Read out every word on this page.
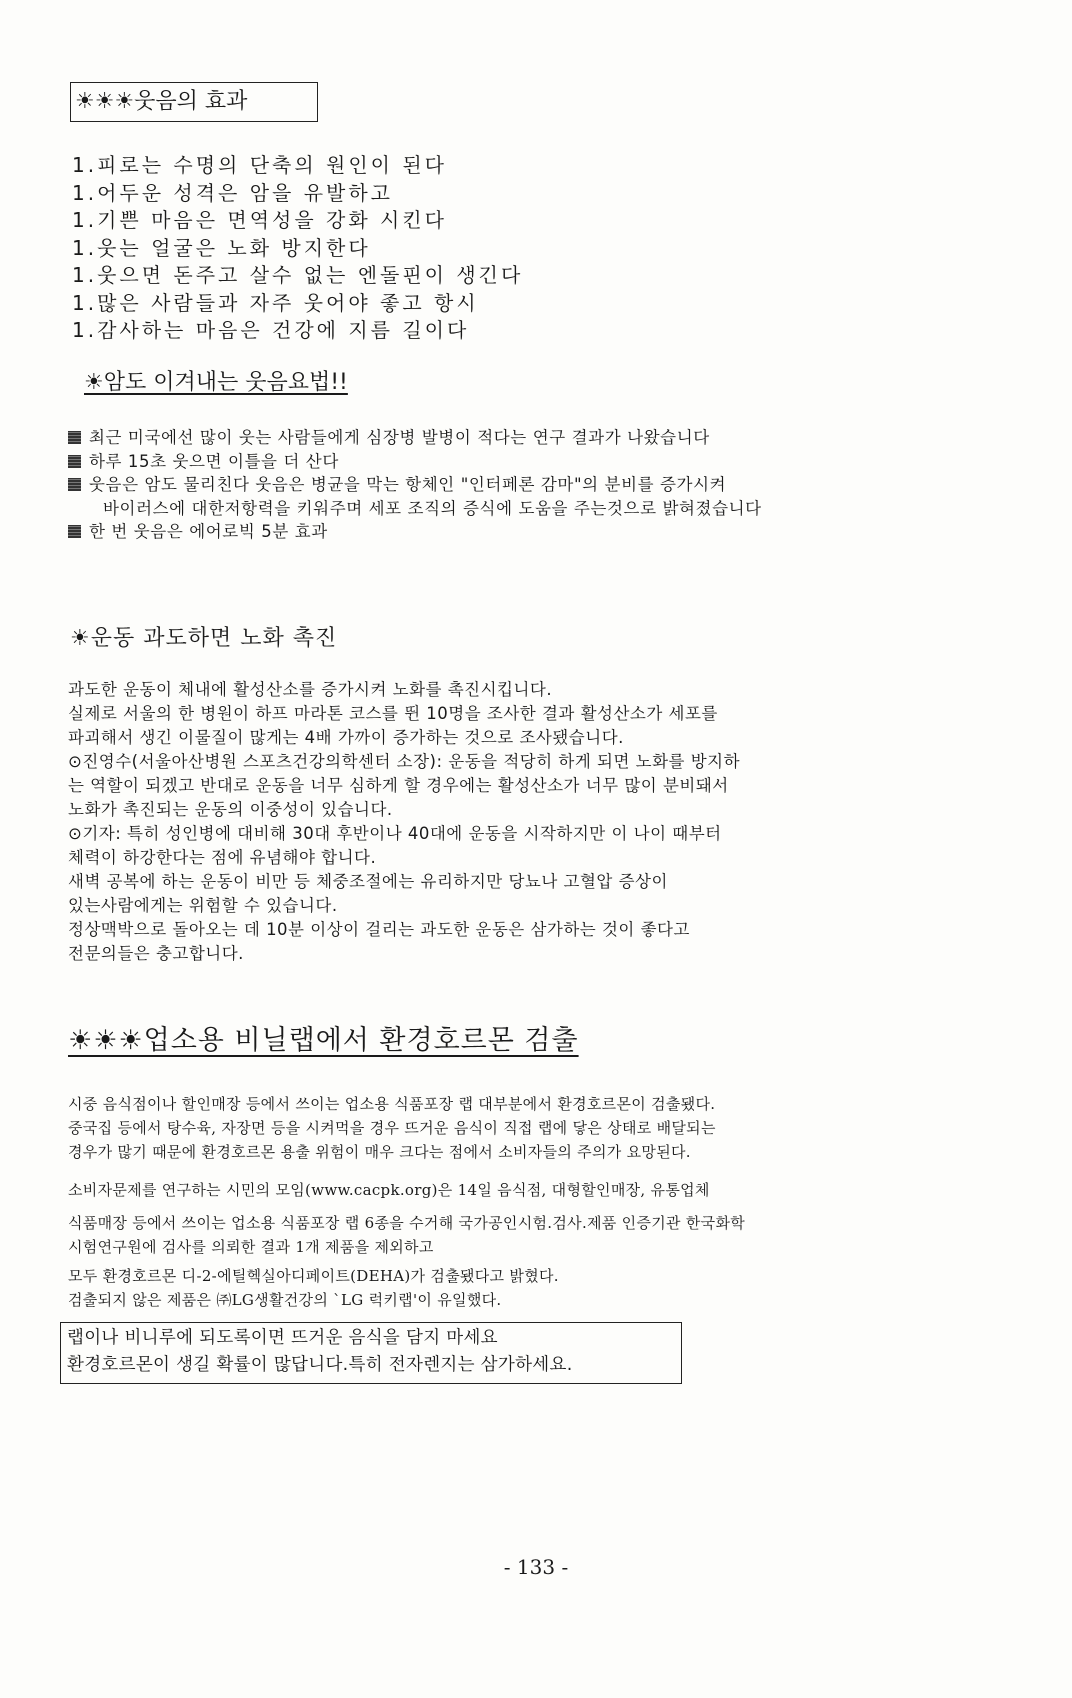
☀☀☀웃음의 효과
1.피로는 수명의 단축의 원인이 된다
1.어두운 성격은 암을 유발하고
1.기쁜 마음은 면역성을 강화 시킨다
1.웃는 얼굴은 노화 방지한다
1.웃으면 돈주고 살수 없는 엔돌핀이 생긴다
1.많은 사람들과 자주 웃어야 좋고 항시
1.감사하는 마음은 건강에 지름 길이다
☀암도 이겨내는 웃음요법!!
최근 미국에선 많이 웃는 사람들에게 심장병 발병이 적다는 연구 결과가 나왔습니다
하루 15초 웃으면 이틀을 더 산다
웃음은 암도 물리친다 웃음은 병균을 막는 항체인 "인터페론 감마"의 분비를 증가시켜
바이러스에 대한저항력을 키워주며 세포 조직의 증식에 도움을 주는것으로 밝혀졌습니다
한 번 웃음은 에어로빅 5분 효과
☀운동 과도하면 노화 촉진
과도한 운동이 체내에 활성산소를 증가시켜 노화를 촉진시킵니다.
실제로 서울의 한 병원이 하프 마라톤 코스를 뛴 10명을 조사한 결과 활성산소가 세포를
파괴해서 생긴 이물질이 많게는 4배 가까이 증가하는 것으로 조사됐습니다.
⊙진영수(서울아산병원 스포츠건강의학센터 소장): 운동을 적당히 하게 되면 노화를 방지하
는 역할이 되겠고 반대로 운동을 너무 심하게 할 경우에는 활성산소가 너무 많이 분비돼서
노화가 촉진되는 운동의 이중성이 있습니다.
⊙기자: 특히 성인병에 대비해 30대 후반이나 40대에 운동을 시작하지만 이 나이 때부터
체력이 하강한다는 점에 유념해야 합니다.
새벽 공복에 하는 운동이 비만 등 체중조절에는 유리하지만 당뇨나 고혈압 증상이
있는사람에게는 위험할 수 있습니다.
정상맥박으로 돌아오는 데 10분 이상이 걸리는 과도한 운동은 삼가하는 것이 좋다고
전문의들은 충고합니다.
☀☀☀업소용 비닐랩에서 환경호르몬 검출
시중 음식점이나 할인매장 등에서 쓰이는 업소용 식품포장 랩 대부분에서 환경호르몬이 검출됐다.
중국집 등에서 탕수육, 자장면 등을 시켜먹을 경우 뜨거운 음식이 직접 랩에 닿은 상태로 배달되는
경우가 많기 때문에 환경호르몬 용출 위험이 매우 크다는 점에서 소비자들의 주의가 요망된다.
소비자문제를 연구하는 시민의 모임(www.cacpk.org)은 14일 음식점, 대형할인매장, 유통업체
식품매장 등에서 쓰이는 업소용 식품포장 랩 6종을 수거해 국가공인시험.검사.제품 인증기관 한국화학
시험연구원에 검사를 의뢰한 결과 1개 제품을 제외하고
모두 환경호르몬 디-2-에틸헥실아디페이트(DEHA)가 검출됐다고 밝혔다.
검출되지 않은 제품은 ㈜LG생활건강의 `LG 럭키랩'이 유일했다.
랩이나 비니루에 되도록이면 뜨거운 음식을 담지 마세요
환경호르몬이 생길 확률이 많답니다.특히 전자렌지는 삼가하세요.
- 133 -
